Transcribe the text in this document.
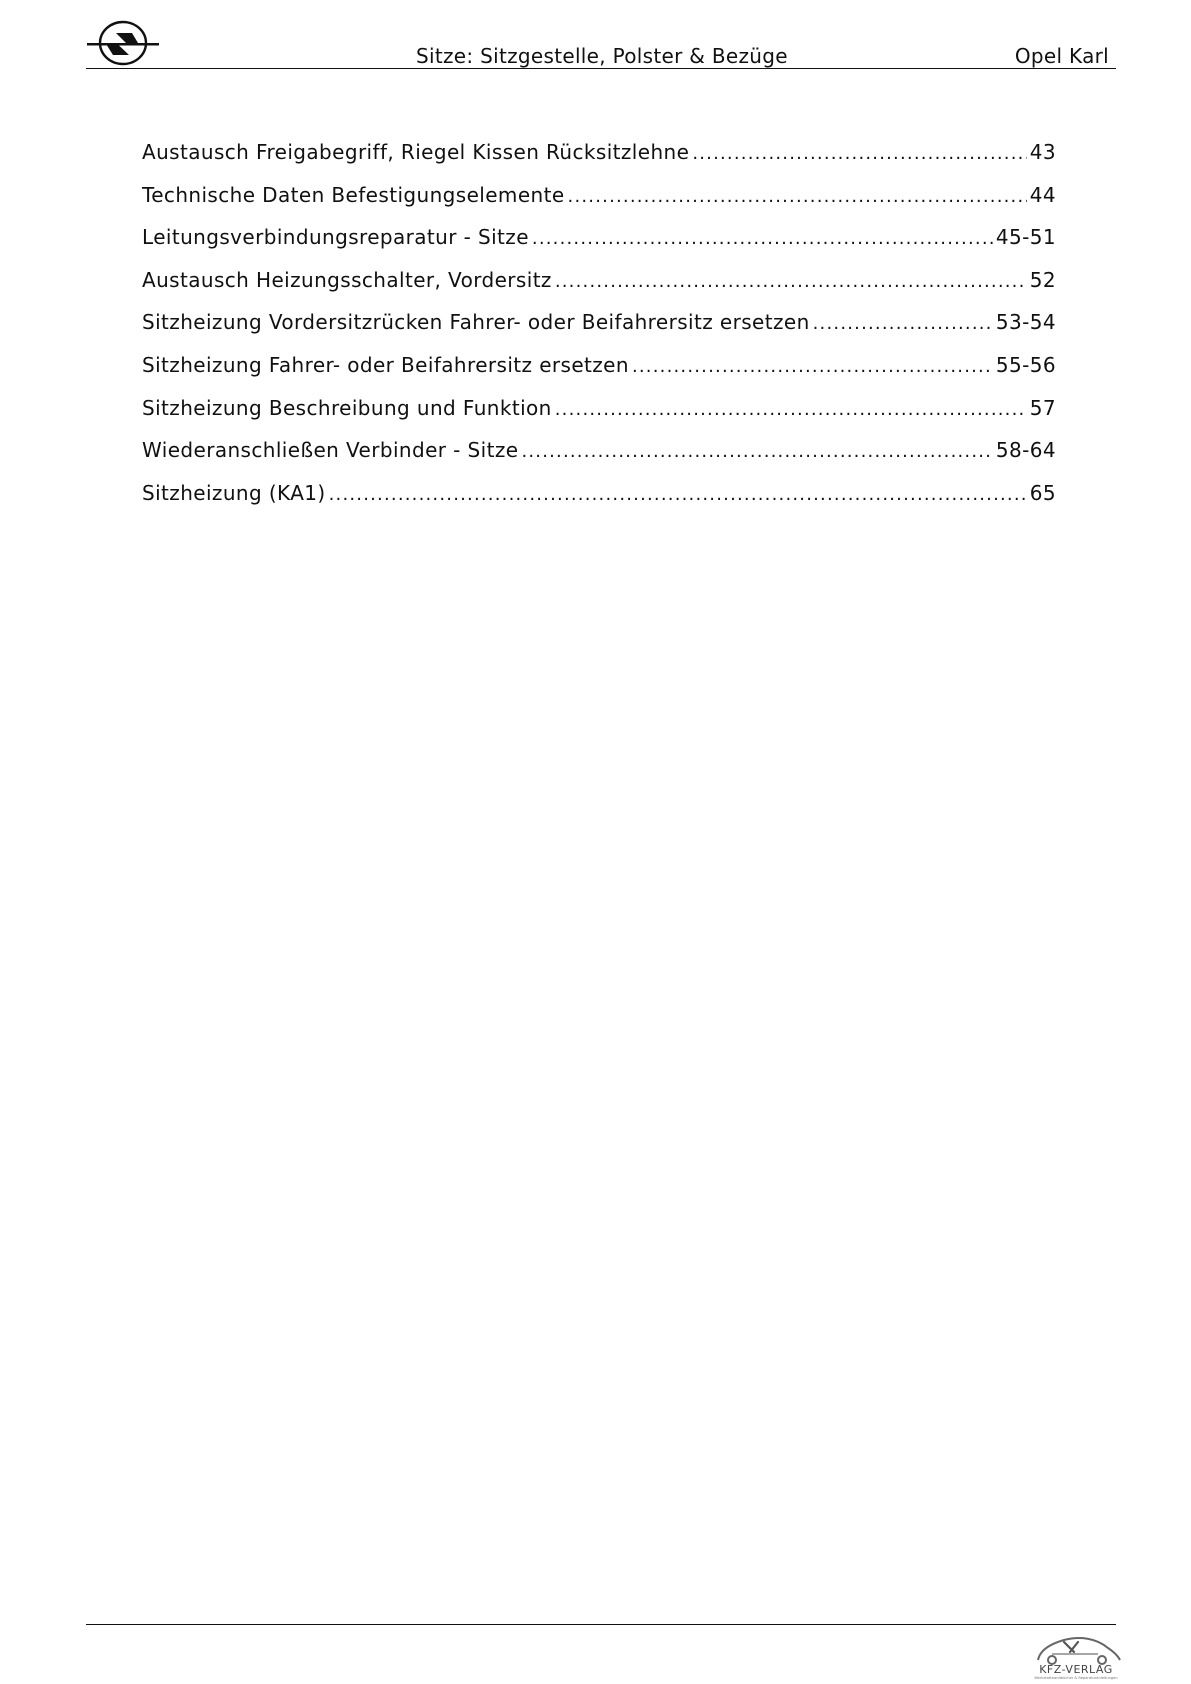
Sitze: Sitzgestelle, Polster & Bezüge	Opel Karl
Austausch Freigabegriff, Riegel Kissen Rücksitzlehne .....	43
Technische Daten Befestigungselemente .....	44
Leitungsverbindungsreparatur - Sitze .....	45-51
Austausch Heizungsschalter, Vordersitz .....	52
Sitzheizung Vordersitzrücken Fahrer- oder Beifahrersitz ersetzen .....	53-54
Sitzheizung Fahrer- oder Beifahrersitz ersetzen .....	55-56
Sitzheizung Beschreibung und Funktion .....	57
Wiederanschließen Verbinder - Sitze .....	58-64
Sitzheizung (KA1) .....	65
KFZ-VERLAG
Werkstatthandbücher & Reparaturanleitungen
